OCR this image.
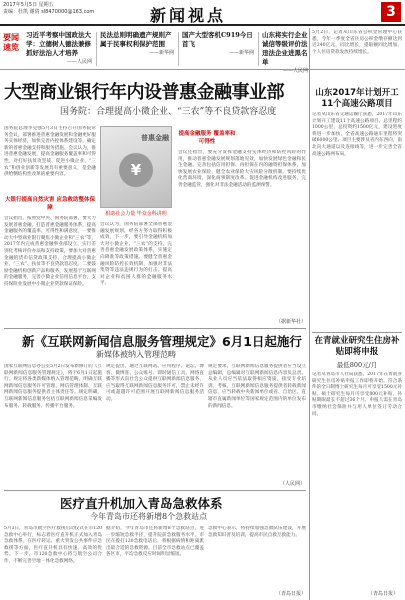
2017年5月5日 星期五
责编：杜凯 谢倩 sl8470000@163.com	新闻视点	3
要闻速览
习近平考察中国政法大学：立德树人德法兼修抓好法治人才培养
——人民网
民法总则明确遗产规则产属于民事权利保护范围
——新华网
国产大型客机C919今日首飞
——新华网
山东将实行企业诚信等级评价法违法企业进黑名单
——人民网
大型商业银行年内设普惠金融事业部
国务院：合理提高小微企业、“三农”等不良贷款容忍度
国务院总理李克强5月3日主持召开国务院常务会议，部署推进普惠金融发展和金融更好服务实体经济，加快完善内控体系建设等，确定新的普惠金融支持和服务措施。会议认为，推进普惠金融发展，提高金融服务覆盖率和可得性，对打好扶贫攻坚战、促进小微企业、“三农”和创业创新等发展具有重要意义，是金融供给侧结构性改革的重要内容。
大银行提高自然灾害 应急救助整体保障
会议指出，按照党中央、国务院部署，要大力发展普惠金融，打造普惠金融服务体系，提高金融服务的覆盖率、可得性和满意度。一要推动大中型商业银行聚焦小微企业和“三农”等，2017年内完成普惠金融事业部设立，实行差别化考核评价办法和支持政策，要加大对普惠金融的货币信贷政策支持，合理提高小微企业、“三农”、扶贫等不良贷款容忍度。二要鼓励金融机构创新产品和服务，发展基于互联网的金融服务，完善小微企业信用信息平台，支持保险业发展中小微企业贷款保证保险。
普惠金融
¥
相助社会力量 毕众金科讲明
会议认为，国务院部署全部普惠金融发展规划，经各方努力取得积极成效。下一步，要引导金融机构加大对小微企业、“三农”的支持，完善普惠金融发展政策体系，实施定向降准等政策措施。要健全普惠金融风险防控长效机制，加强对非法集资等违法违规行为的打击。提高对企业和贫困人群的金融服务水平。
提高金融服务 覆盖率和可得性
会议还指出，要充分发挥金融支持实体经济和防控风险的作用，推动普惠金融发展规划落地见效，加快发展绿色金融和民生金融。完善包括信用担保、再担保在内的融资担保体系，加快发展农业保险，健全农业保险大灾风险分散机制。要持续优化营商环境，深化商事制度改革。促进金融机构改进服务，完善金融监管，强化对非法金融活动的监测预警。
（据新华社）
新《互联网新闻信息服务管理规定》6月1日起施行
新媒体被纳入管理范畴
国家互联网信息办公室5月2日发布新修订的《互联网新闻信息服务管理规定》，将于6月1日起施行。规定将各类新媒体纳入管理范畴，明确互联网新闻信息服务许可管理、网信管理体制、互联网新闻信息服务提供者主体责任等。规定明确，互联网新闻信息服务包括互联网新闻信息采编发布服务、转载服务、传播平台服务。
规定提出，通过互联网站、应用程序、论坛、博客、微博客、公众账号、即时通信工具、网络直播等形式向社会公众提供互联网新闻信息服务，应当取得互联网新闻信息服务许可，禁止未经许可或超越许可范围开展互联网新闻信息服务活动。
规定要求，互联网新闻信息服务提供者应当设立总编辑，总编辑对互联网新闻信息内容负总责。从业人员应当依法取得相应资质，接受专业培训、考核。互联网新闻信息服务提供者转载新闻信息，应当转载中央新闻单位或省、自治区、直辖市直属新闻单位等国家规定范围内的单位发布的新闻信息。
（人民网）
医疗直升机加入青岛急救体系
今年青岛市还将新增8个急救站点
5月3日，青岛市航空医疗救援启动仪式在市120急救中心举行，标志着医疗直升机正式加入青岛急救体系。在医疗转运、重大突发公共事件应急救援等方面，医疗直升机具有快速、高效的优势。下一步，市120急救中心将与航空公司合作，不断完善空地一体化急救网络。
据介绍，今年青岛市还将新增8个急救站点，进一步缩短急救半径，提升院前急救服务水平。市民在拨打120急救电话后，将根据病情和距离派出最合适的急救资源。目前全市急救站点已覆盖各区市，平均急救反应时间明显缩短。
急救中心表示，将持续加强急救队伍建设，开展急救知识普及培训，提高市民自救互救能力。
（青岛日报）
5月2日，记者从山东省公积金管理中心获悉，今年一季度全省住房公积金缴存额达到近240亿元，同比增长，提取额同比增加，个人住房贷款发放持续增长。
山东2017年计划开工11个高速公路项目
记者从山东省交通运输厅获悉，2017年山东计划开工建设11个高速公路项目，总里程约1000公里，总投资约1500亿元，建设进度将进一步加快，全省高速公路通车里程将突破6000公里。项目主要涉及省内东西向、南北向大通道以及连接线等，进一步完善全省高速公路网布局。
在青就业研究生住房补贴即将申报
最低800元/月
记者从青岛市人社局获悉，2017年在青就业研究生住房补贴申报工作即将开始。符合条件的全日制博士研究生每月可享受1500元补贴，硕士研究生每月可享受800元补贴，补贴期限最长不超过36个月。申报人需在青岛市缴纳社会保险并与用人单位签订劳动合同。
（青岛日报）
